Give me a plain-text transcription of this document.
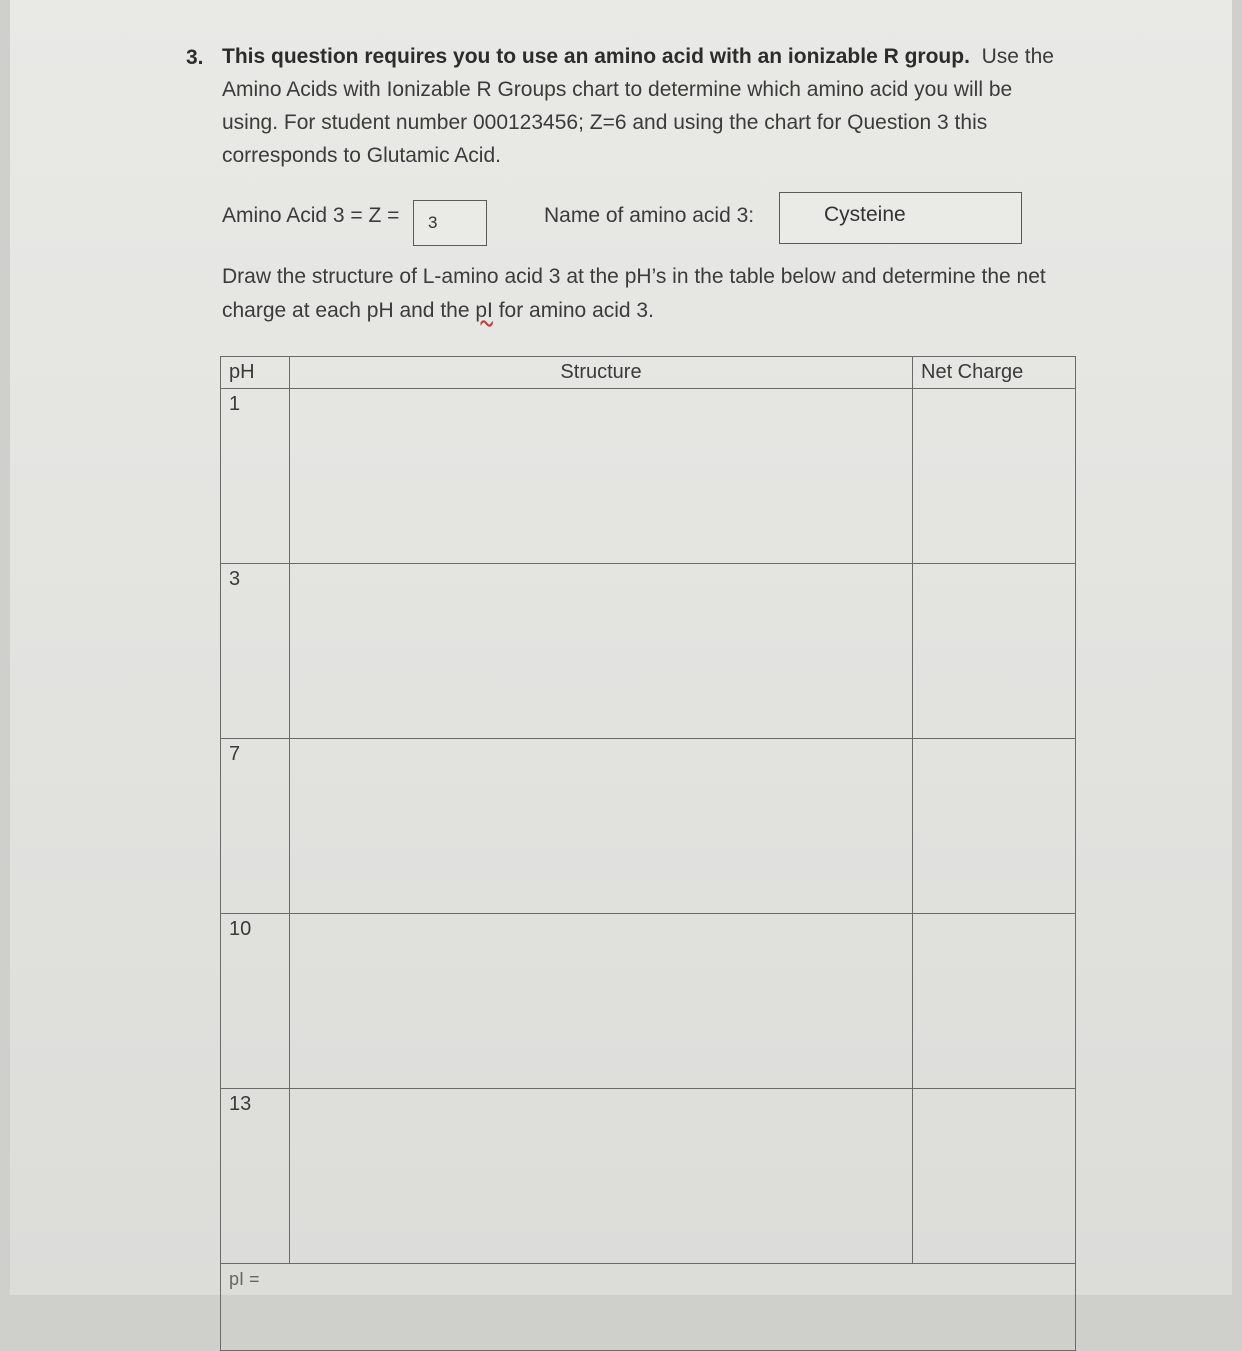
3. This question requires you to use an amino acid with an ionizable R group. Use the Amino Acids with Ionizable R Groups chart to determine which amino acid you will be using. For student number 000123456; Z=6 and using the chart for Question 3 this corresponds to Glutamic Acid.
Amino Acid 3 = Z =	3	Name of amino acid 3:	Cysteine
Draw the structure of L-amino acid 3 at the pH’s in the table below and determine the net charge at each pH and the pI for amino acid 3.
pH	Structure	Net Charge
1		
3		
7		
10		
13		
pI =		
